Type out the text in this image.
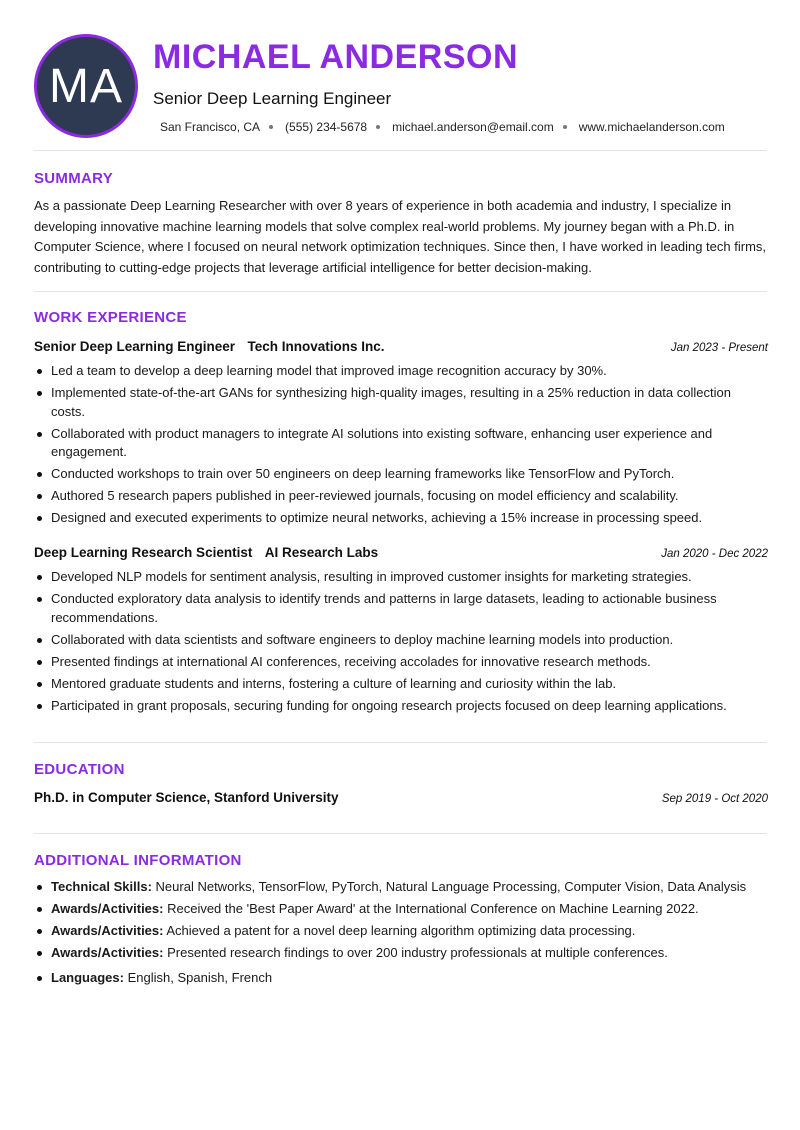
MA
MICHAEL ANDERSON
Senior Deep Learning Engineer
San Francisco, CA (555) 234-5678 michael.anderson@email.com www.michaelanderson.com
SUMMARY
As a passionate Deep Learning Researcher with over 8 years of experience in both academia and industry, I specialize in developing innovative machine learning models that solve complex real-world problems. My journey began with a Ph.D. in Computer Science, where I focused on neural network optimization techniques. Since then, I have worked in leading tech firms, contributing to cutting-edge projects that leverage artificial intelligence for better decision-making.
WORK EXPERIENCE
Senior Deep Learning Engineer Tech Innovations Inc.	Jan 2023 - Present
Led a team to develop a deep learning model that improved image recognition accuracy by 30%.
Implemented state-of-the-art GANs for synthesizing high-quality images, resulting in a 25% reduction in data collection costs.
Collaborated with product managers to integrate AI solutions into existing software, enhancing user experience and engagement.
Conducted workshops to train over 50 engineers on deep learning frameworks like TensorFlow and PyTorch.
Authored 5 research papers published in peer-reviewed journals, focusing on model efficiency and scalability.
Designed and executed experiments to optimize neural networks, achieving a 15% increase in processing speed.
Deep Learning Research Scientist AI Research Labs	Jan 2020 - Dec 2022
Developed NLP models for sentiment analysis, resulting in improved customer insights for marketing strategies.
Conducted exploratory data analysis to identify trends and patterns in large datasets, leading to actionable business recommendations.
Collaborated with data scientists and software engineers to deploy machine learning models into production.
Presented findings at international AI conferences, receiving accolades for innovative research methods.
Mentored graduate students and interns, fostering a culture of learning and curiosity within the lab.
Participated in grant proposals, securing funding for ongoing research projects focused on deep learning applications.
EDUCATION
Ph.D. in Computer Science, Stanford University	Sep 2019 - Oct 2020
ADDITIONAL INFORMATION
Technical Skills: Neural Networks, TensorFlow, PyTorch, Natural Language Processing, Computer Vision, Data Analysis
Awards/Activities: Received the 'Best Paper Award' at the International Conference on Machine Learning 2022.
Awards/Activities: Achieved a patent for a novel deep learning algorithm optimizing data processing.
Awards/Activities: Presented research findings to over 200 industry professionals at multiple conferences.
Languages: English, Spanish, French
